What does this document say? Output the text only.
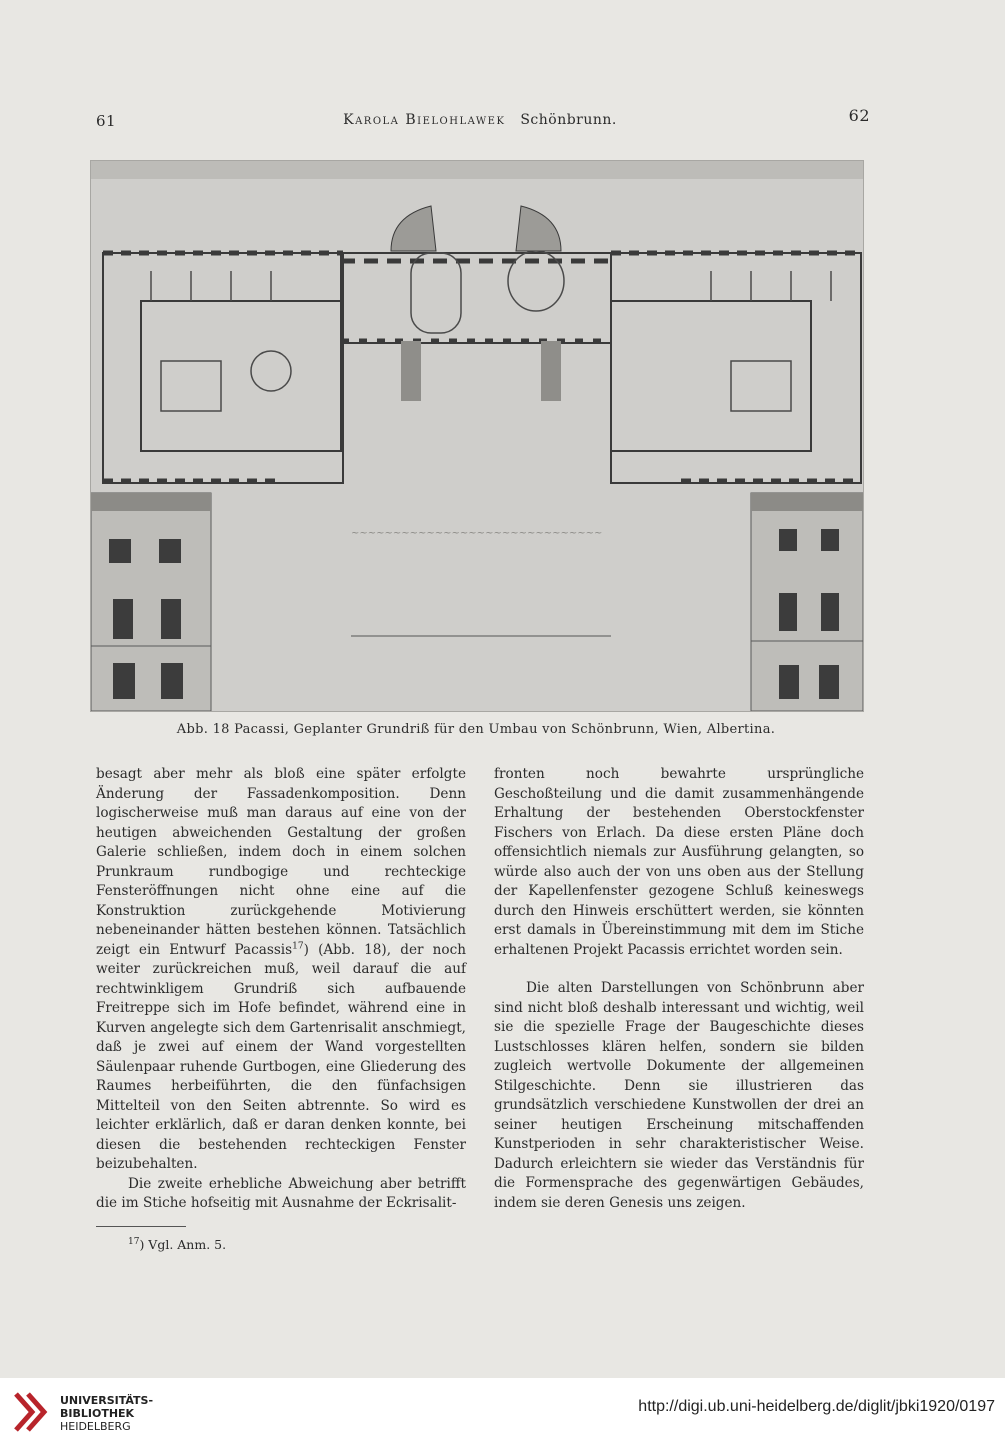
61	Karola Bielohlawek Schönbrunn.	62
~~~~~~~~~~~~~~~~~~~~~~~~~~~~~~
Abb. 18 Pacassi, Geplanter Grundriß für den Umbau von Schönbrunn, Wien, Albertina.

besagt aber mehr als bloß eine später erfolgte Änderung der Fassadenkomposition. Denn logischerweise muß man daraus auf eine von der heutigen abweichenden Gestaltung der großen Galerie schließen, indem doch in einem solchen Prunkraum rundbogige und rechteckige Fensteröffnungen nicht ohne eine auf die Konstruktion zurückgehende Motivierung nebeneinander hätten bestehen können. Tatsächlich zeigt ein Entwurf Pacassis$^{17}$) (Abb. 18), der noch weiter zurückreichen muß, weil darauf die auf rechtwinkligem Grundriß sich aufbauende Freitreppe sich im Hofe befindet, während eine in Kurven angelegte sich dem Gartenrisalit anschmiegt, daß je zwei auf einem der Wand vorgestellten Säulenpaar ruhende Gurtbogen, eine Gliederung des Raumes herbeiführten, die den fünfachsigen Mittelteil von den Seiten abtrennte. So wird es leichter erklärlich, daß er daran denken konnte, bei diesen die bestehenden rechteckigen Fenster beizubehalten.

Die zweite erhebliche Abweichung aber betrifft die im Stiche hofseitig mit Ausnahme der Eckrisalit-

$^{17}$) Vgl. Anm. 5.

fronten noch bewahrte ursprüngliche Geschoßteilung und die damit zusammenhängende Erhaltung der bestehenden Oberstockfenster Fischers von Erlach. Da diese ersten Pläne doch offensichtlich niemals zur Ausführung gelangten, so würde also auch der von uns oben aus der Stellung der Kapellenfenster gezogene Schluß keineswegs durch den Hinweis erschüttert werden, sie könnten erst damals in Übereinstimmung mit dem im Stiche erhaltenen Projekt Pacassis errichtet worden sein.

Die alten Darstellungen von Schönbrunn aber sind nicht bloß deshalb interessant und wichtig, weil sie die spezielle Frage der Baugeschichte dieses Lustschlosses klären helfen, sondern sie bilden zugleich wertvolle Dokumente der allgemeinen Stilgeschichte. Denn sie illustrieren das grundsätzlich verschiedene Kunstwollen der drei an seiner heutigen Erscheinung mitschaffenden Kunstperioden in sehr charakteristischer Weise. Dadurch erleichtern sie wieder das Verständnis für die Formensprache des gegenwärtigen Gebäudes, indem sie deren Genesis uns zeigen.

UNIVERSITÄTS-
BIBLIOTHEK
HEIDELBERG
http://digi.ub.uni-heidelberg.de/diglit/jbki1920/0197
